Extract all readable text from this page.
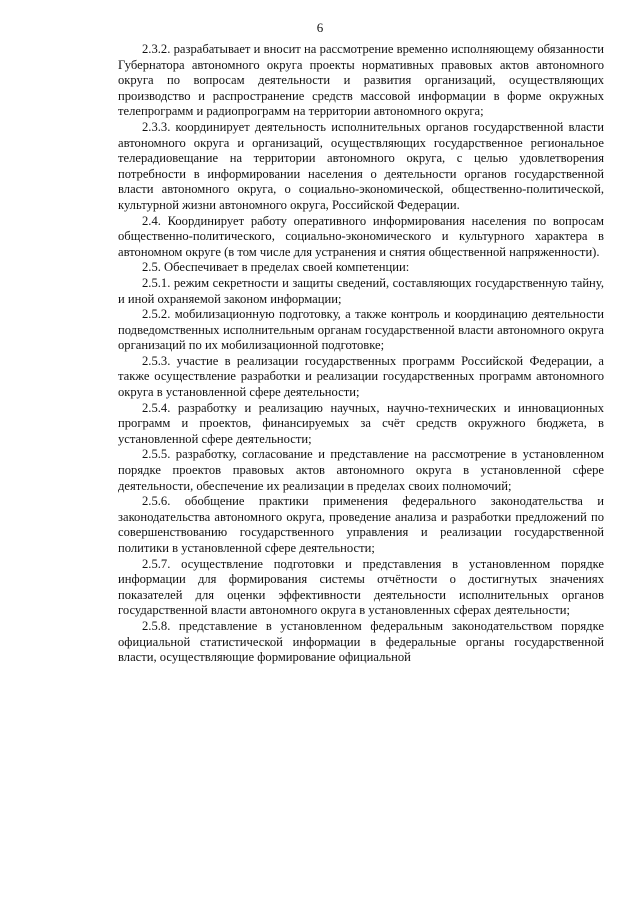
6

2.3.2. разрабатывает и вносит на рассмотрение временно исполняющему обязанности Губернатора автономного округа проекты нормативных правовых актов автономного округа по вопросам деятельности и развития организаций, осуществляющих производство и распространение средств массовой информации в форме окружных телепрограмм и радиопрограмм на территории автономного округа;

2.3.3. координирует деятельность исполнительных органов государственной власти автономного округа и организаций, осуществляющих государственное региональное телерадиовещание на территории автономного округа, с целью удовлетворения потребности в информировании населения о деятельности органов государственной власти автономного округа, о социально-экономической, общественно-политической, культурной жизни автономного округа, Российской Федерации.

2.4. Координирует работу оперативного информирования населения по вопросам общественно-политического, социально-экономического и культурного характера в автономном округе (в том числе для устранения и снятия общественной напряженности).

2.5. Обеспечивает в пределах своей компетенции:

2.5.1. режим секретности и защиты сведений, составляющих государственную тайну, и иной охраняемой законом информации;

2.5.2. мобилизационную подготовку, а также контроль и координацию деятельности подведомственных исполнительным органам государственной власти автономного округа организаций по их мобилизационной подготовке;

2.5.3. участие в реализации государственных программ Российской Федерации, а также осуществление разработки и реализации государственных программ автономного округа в установленной сфере деятельности;

2.5.4. разработку и реализацию научных, научно-технических и инновационных программ и проектов, финансируемых за счёт средств окружного бюджета, в установленной сфере деятельности;

2.5.5. разработку, согласование и представление на рассмотрение в установленном порядке проектов правовых актов автономного округа в установленной сфере деятельности, обеспечение их реализации в пределах своих полномочий;

2.5.6. обобщение практики применения федерального законодательства и законодательства автономного округа, проведение анализа и разработки предложений по совершенствованию государственного управления и реализации государственной политики в установленной сфере деятельности;

2.5.7. осуществление подготовки и представления в установленном порядке информации для формирования системы отчётности о достигнутых значениях показателей для оценки эффективности деятельности исполнительных органов государственной власти автономного округа в установленных сферах деятельности;

2.5.8. представление в установленном федеральным законодательством порядке официальной статистической информации в федеральные органы государственной власти, осуществляющие формирование официальной
